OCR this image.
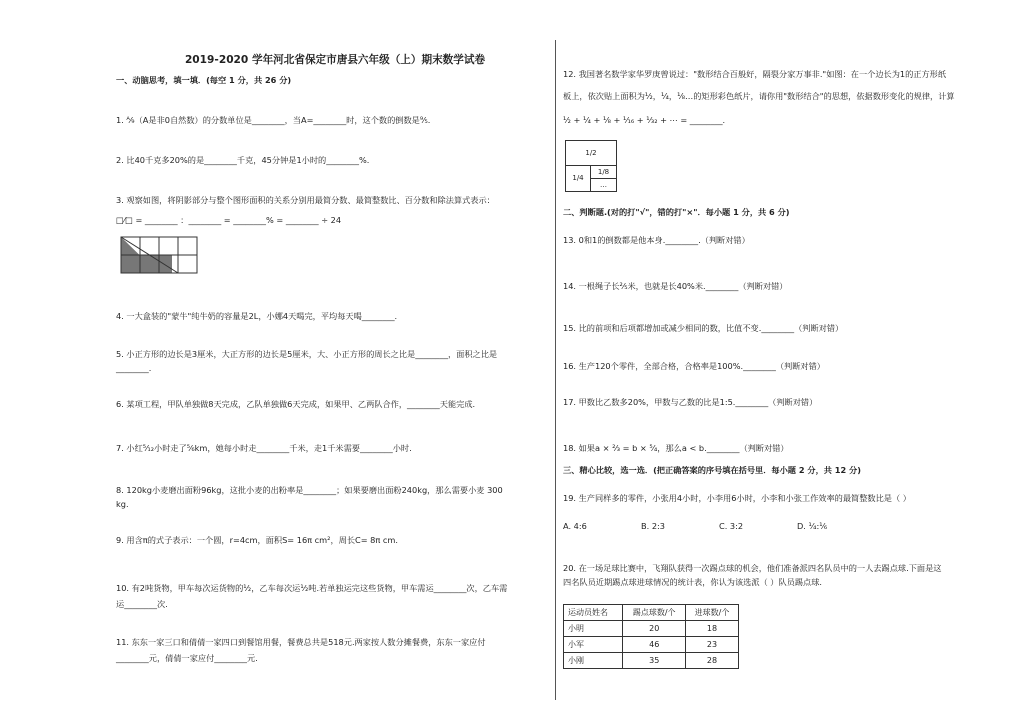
2019-2020 学年河北省保定市唐县六年级（上）期末数学试卷
一、动脑思考，填一填．(每空 1 分，共 26 分)
1. ᴬ⁄₉（A是非0自然数）的分数单位是________，当A=________时，这个数的倒数是⁹⁄₅.
2. 比40千克多20%的是________千克，45分钟是1小时的________%.
3. 观察如图，将阴影部分与整个图形面积的关系分别用最简分数、最简整数比、百分数和除法算式表示：
□⁄□ = ________ ：________ = ________% = ________ ÷ 24
4. 一大盒装的"蒙牛"纯牛奶的容量是2L，小娜4天喝完，平均每天喝________.
5. 小正方形的边长是3厘米，大正方形的边长是5厘米，大、小正方形的周长之比是________，面积之比是
________.
6. 某项工程，甲队单独做8天完成，乙队单独做6天完成，如果甲、乙两队合作，________天能完成.
7. 小红⁵⁄₁₂小时走了⁵⁄₆km，她每小时走________千米，走1千米需要________小时.
8. 120kg小麦磨出面粉96kg，这批小麦的出粉率是________；如果要磨出面粉240kg，那么需要小麦 300
kg.
9. 用含π的式子表示：一个圆，r=4cm，面积S= 16π cm²，周长C= 8π cm.
10. 有2吨货物，甲车每次运货物的¹⁄₂，乙车每次运¹⁄₂吨.若单独运完这些货物，甲车需运________次，乙车需
运________次.
11. 东东一家三口和倩倩一家四口到餐馆用餐，餐费总共是518元.两家按人数分摊餐费，东东一家应付
________元，倩倩一家应付________元.
12. 我国著名数学家华罗庚曾说过："数形结合百般好，隔裂分家万事非."如图：在一个边长为1的正方形纸
板上，依次贴上面积为¹⁄₂，¹⁄₄，¹⁄₈…的矩形彩色纸片，请你用"数形结合"的思想，依据数形变化的规律，计算
¹⁄₂ + ¹⁄₄ + ¹⁄₈ + ¹⁄₁₆ + ¹⁄₃₂ + ⋯ = ________.
1/2
1/4
1/8
…
二、判断题.(对的打"√"，错的打"×"．每小题 1 分，共 6 分)
13. 0和1的倒数都是他本身.________.（判断对错）
14. 一根绳子长²⁄₅米，也就是长40%米.________（判断对错）
15. 比的前项和后项都增加或减少相同的数，比值不变.________（判断对错）
16. 生产120个零件，全部合格，合格率是100%.________（判断对错）
17. 甲数比乙数多20%，甲数与乙数的比是1:5.________（判断对错）
18. 如果a × ²⁄₃ = b × ⁵⁄₄，那么a < b.________（判断对错）
三、精心比较，选一选．(把正确答案的序号填在括号里．每小题 2 分，共 12 分)
19. 生产同样多的零件，小张用4小时，小李用6小时，小李和小张工作效率的最简整数比是（ ）
A. 4:6	B. 2:3	C. 3:2	D. ¹⁄₄:¹⁄₆
20. 在一场足球比赛中，飞翔队获得一次踢点球的机会，他们准备派四名队员中的一人去踢点球.下面是这
四名队员近期踢点球进球情况的统计表，你认为该选派（ ）队员踢点球.
运动员姓名	踢点球数/个	进球数/个
小明	20	18
小军	46	23
小刚	35	28
